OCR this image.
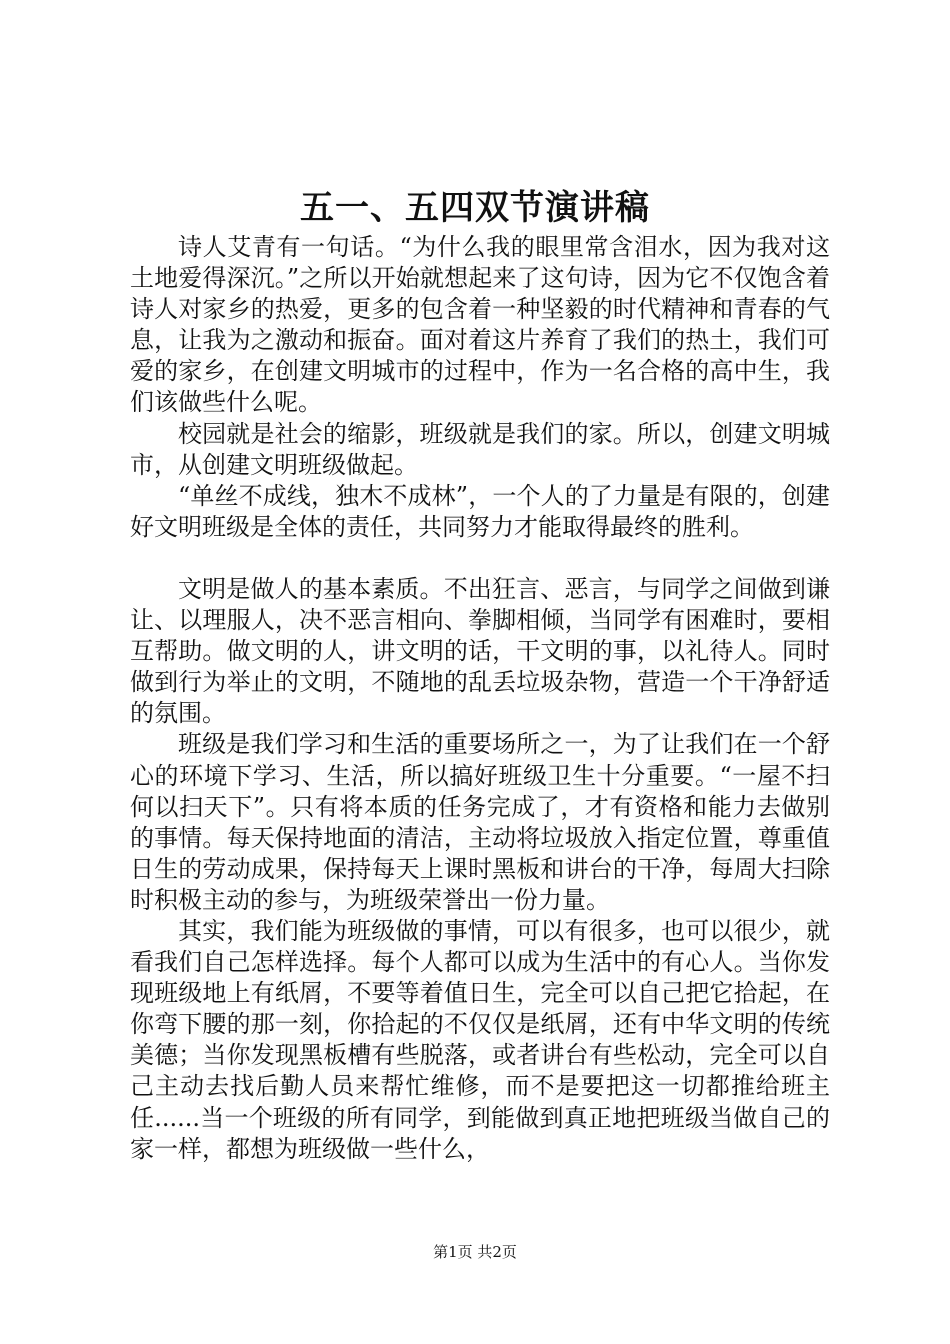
五一、五四双节演讲稿

诗人艾青有一句话。“为什么我的眼里常含泪水，因为我对这土地爱得深沉。”之所以开始就想起来了这句诗，因为它不仅饱含着诗人对家乡的热爱，更多的包含着一种坚毅的时代精神和青春的气息，让我为之激动和振奋。面对着这片养育了我们的热土，我们可爱的家乡，在创建文明城市的过程中，作为一名合格的高中生，我们该做些什么呢。

校园就是社会的缩影，班级就是我们的家。所以，创建文明城市，从创建文明班级做起。

“单丝不成线，独木不成林”，一个人的了力量是有限的，创建好文明班级是全体的责任，共同努力才能取得最终的胜利。

文明是做人的基本素质。不出狂言、恶言，与同学之间做到谦让、以理服人，决不恶言相向、拳脚相倾，当同学有困难时，要相互帮助。做文明的人，讲文明的话，干文明的事，以礼待人。同时做到行为举止的文明，不随地的乱丢垃圾杂物，营造一个干净舒适的氛围。

班级是我们学习和生活的重要场所之一，为了让我们在一个舒心的环境下学习、生活，所以搞好班级卫生十分重要。“一屋不扫何以扫天下”。只有将本质的任务完成了，才有资格和能力去做别的事情。每天保持地面的清洁，主动将垃圾放入指定位置，尊重值日生的劳动成果，保持每天上课时黑板和讲台的干净，每周大扫除时积极主动的参与，为班级荣誉出一份力量。

其实，我们能为班级做的事情，可以有很多，也可以很少，就看我们自己怎样选择。每个人都可以成为生活中的有心人。当你发现班级地上有纸屑，不要等着值日生，完全可以自己把它拾起，在你弯下腰的那一刻，你拾起的不仅仅是纸屑，还有中华文明的传统美德；当你发现黑板槽有些脱落，或者讲台有些松动，完全可以自己主动去找后勤人员来帮忙维修，而不是要把这一切都推给班主任......当一个班级的所有同学，到能做到真正地把班级当做自己的家一样，都想为班级做一些什么，

第1页 共2页
